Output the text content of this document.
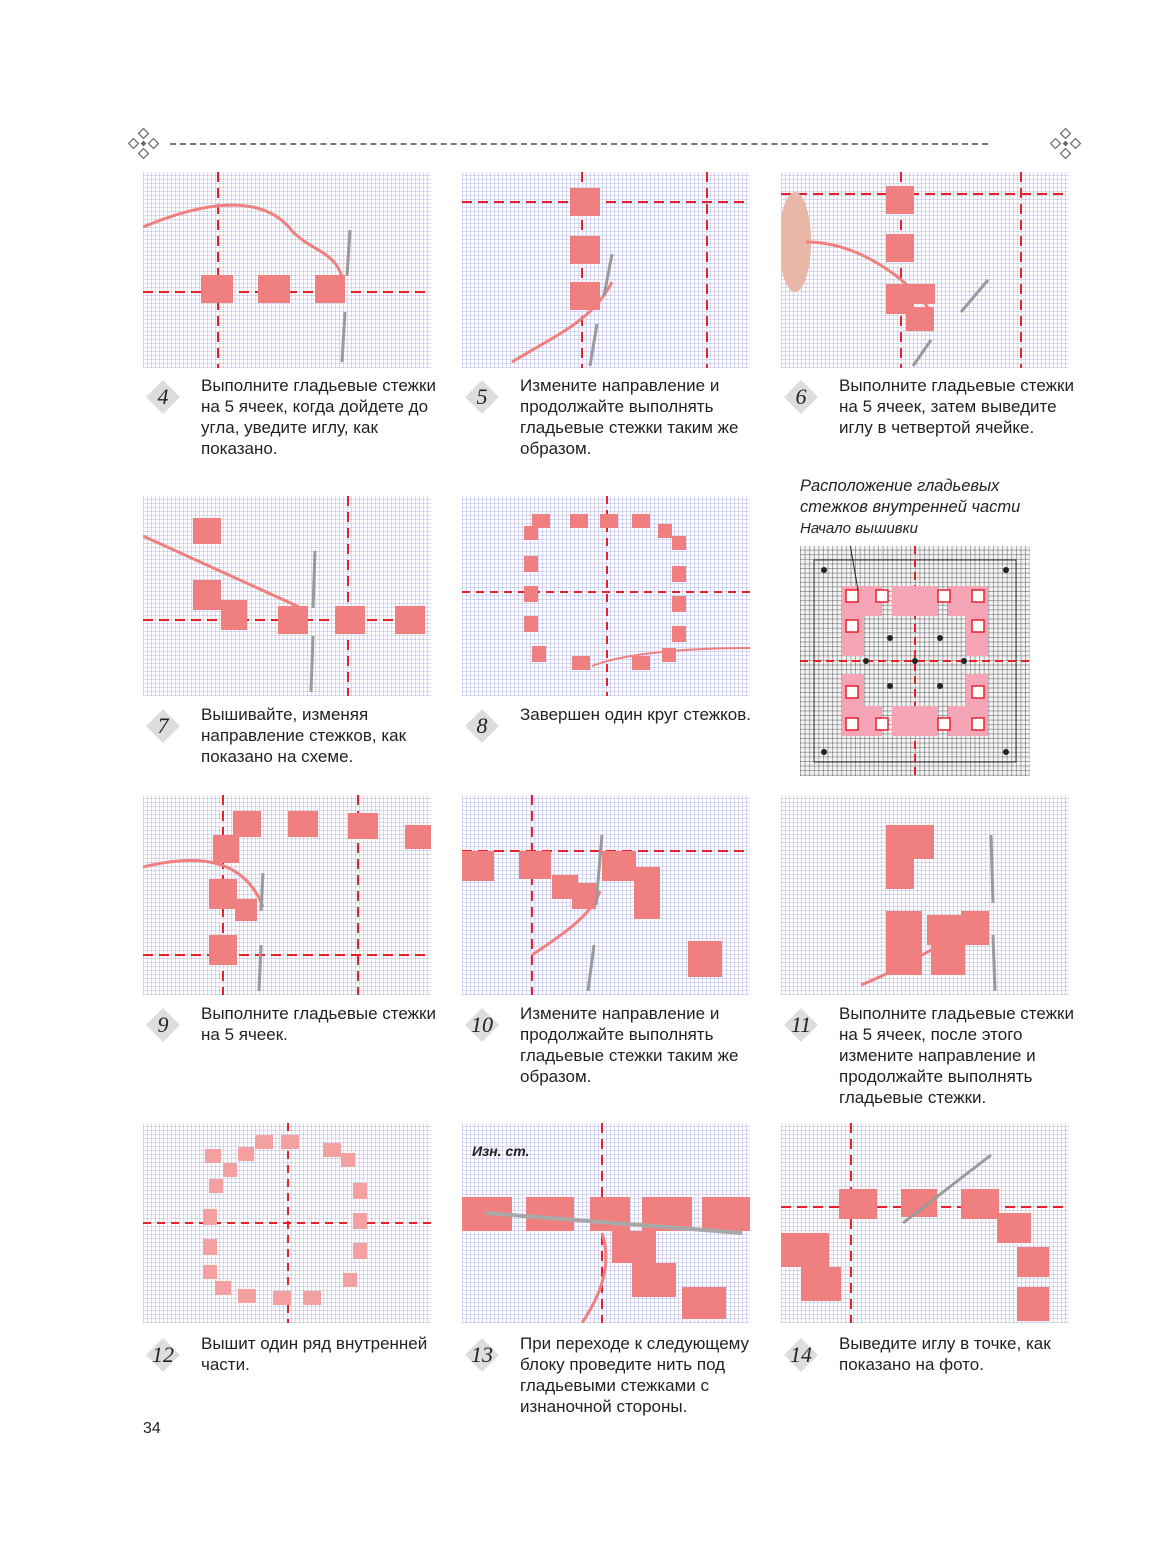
4	Выполните гладьевые стежки на 5 ячеек, когда дойдете до угла, уведите иглу, как показано.

5	Измените направление и продолжайте выполнять гладьевые стежки таким же образом.

6	Выполните гладьевые стежки на 5 ячеек, затем выведите иглу в четвертой ячейке.

Расположение гладьевых стежков внутренней части

Начало вышивки
7	Вышивайте, изменяя направление стежков, как показано на схеме.

8	Завершен один круг стежков.

9	Выполните гладьевые стежки на 5 ячеек.	10 Измените направление и продолжайте выполнять гладьевые стежки таким же образом.

11	Выполните гладьевые стежки на 5 ячеек, после этого измените направление и продолжайте выполнять гладьевые стежки.

Изн. ст.
12 Вышит один ряд внутренней части.	13 При переходе к следующему блоку проведите нить под гладьевыми стежками с изнаночной стороны.

14 Выведите иглу в точке, как показано на фото.

34
